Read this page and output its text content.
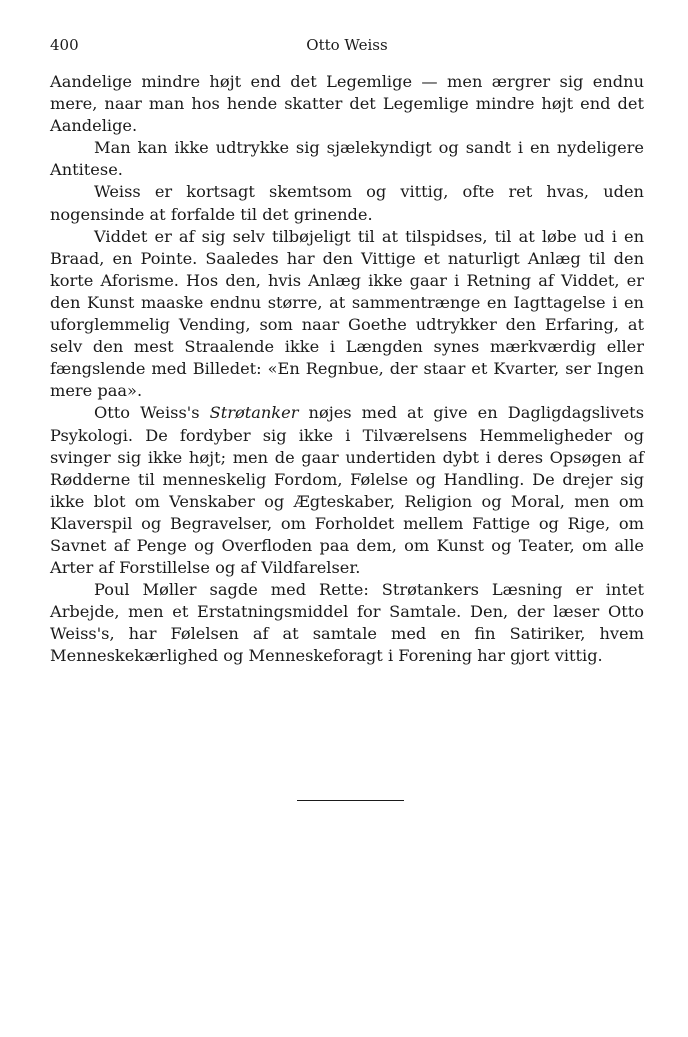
400	Otto Weiss

Aandelige mindre højt end det Legemlige — men ærgrer sig endnu mere, naar man hos hende skatter det Legemlige mindre højt end det Aandelige.

Man kan ikke udtrykke sig sjælekyndigt og sandt i en nydeligere Antitese.

Weiss er kortsagt skemtsom og vittig, ofte ret hvas, uden nogensinde at forfalde til det grinende.

Viddet er af sig selv tilbøjeligt til at tilspidses, til at løbe ud i en Braad, en Pointe. Saaledes har den Vittige et naturligt Anlæg til den korte Aforisme. Hos den, hvis Anlæg ikke gaar i Retning af Viddet, er den Kunst maaske endnu større, at sammentrænge en Iagttagelse i en uforglemmelig Vending, som naar Goethe udtrykker den Erfaring, at selv den mest Straalende ikke i Længden synes mærkværdig eller fængslende med Billedet: «En Regnbue, der staar et Kvarter, ser Ingen mere paa».

Otto Weiss's Strøtanker nøjes med at give en Dagligdagslivets Psykologi. De fordyber sig ikke i Tilværelsens Hemmeligheder og svinger sig ikke højt; men de gaar undertiden dybt i deres Opsøgen af Rødderne til menneskelig Fordom, Følelse og Handling. De drejer sig ikke blot om Venskaber og Ægteskaber, Religion og Moral, men om Klaverspil og Begravelser, om Forholdet mellem Fattige og Rige, om Savnet af Penge og Overfloden paa dem, om Kunst og Teater, om alle Arter af Forstillelse og af Vildfarelser.

Poul Møller sagde med Rette: Strøtankers Læsning er intet Arbejde, men et Erstatningsmiddel for Samtale. Den, der læser Otto Weiss's, har Følelsen af at samtale med en fin Satiriker, hvem Menneskekærlighed og Menneskeforagt i Forening har gjort vittig.
